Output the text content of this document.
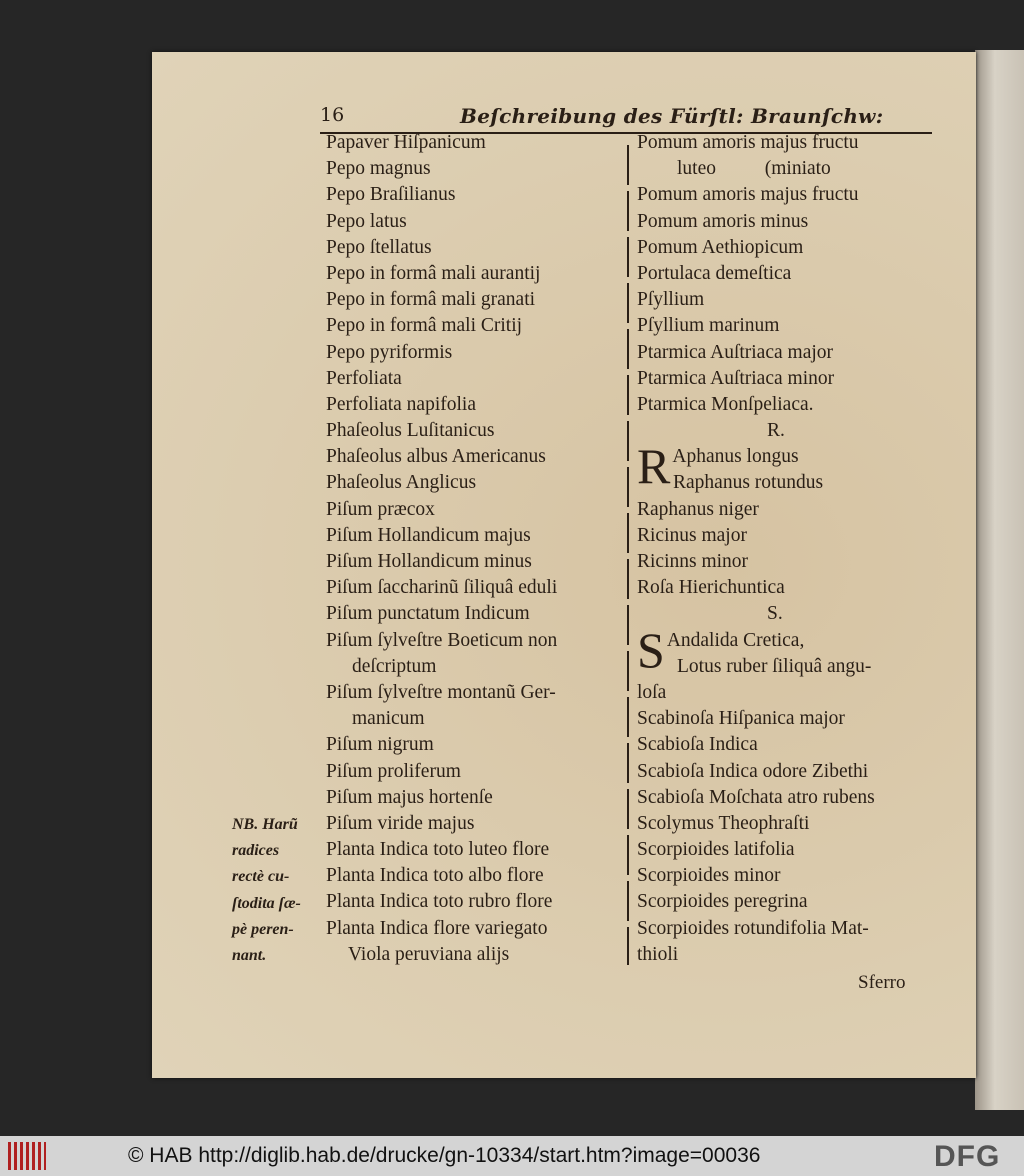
16	Beſchreibung des Fürſtl: Braunſchw:
Papaver Hiſpanicum
Pepo magnus
Pepo Braſilianus
Pepo latus
Pepo ſtellatus
Pepo in formâ mali aurantij
Pepo in formâ mali granati
Pepo in formâ mali Critij
Pepo pyriformis
Perfoliata
Perfoliata napifolia
Phaſeolus Luſitanicus
Phaſeolus albus Americanus
Phaſeolus Anglicus
Piſum præcox
Piſum Hollandicum majus
Piſum Hollandicum minus
Piſum ſaccharinũ ſiliquâ eduli
Piſum punctatum Indicum
Piſum ſylveſtre Boeticum non
deſcriptum
Piſum ſylveſtre montanũ Ger-
manicum
Piſum nigrum
Piſum proliferum
Piſum majus hortenſe
Piſum viride majus
Planta Indica toto luteo flore
Planta Indica toto albo flore
Planta Indica toto rubro flore
Planta Indica flore variegato
Viola peruviana alijs
Pomum amoris majus fructu
luteo          (miniato
Pomum amoris majus fructu
Pomum amoris minus
Pomum Aethiopicum
Portulaca demeſtica
Pſyllium
Pſyllium marinum
Ptarmica Auſtriaca major
Ptarmica Auſtriaca minor
Ptarmica Monſpeliaca.
R.
R Aphanus longus
Raphanus rotundus
Raphanus niger
Ricinus major
Ricinns minor
Roſa Hierichuntica
S.
S Andalida Cretica,
Lotus ruber ſiliquâ angu-
loſa
Scabinoſa Hiſpanica major
Scabioſa Indica
Scabioſa Indica odore Zibethi
Scabioſa Moſchata atro rubens
Scolymus Theophraſti
Scorpioides latifolia
Scorpioides minor
Scorpioides peregrina
Scorpioides rotundifolia Mat-
thioli
NB. Harũ
radices
rectè cu-
ſtodita ſæ-
pè peren-
nant.
Sferro
© HAB http://diglib.hab.de/drucke/gn-10334/start.htm?image=00036	DFG
